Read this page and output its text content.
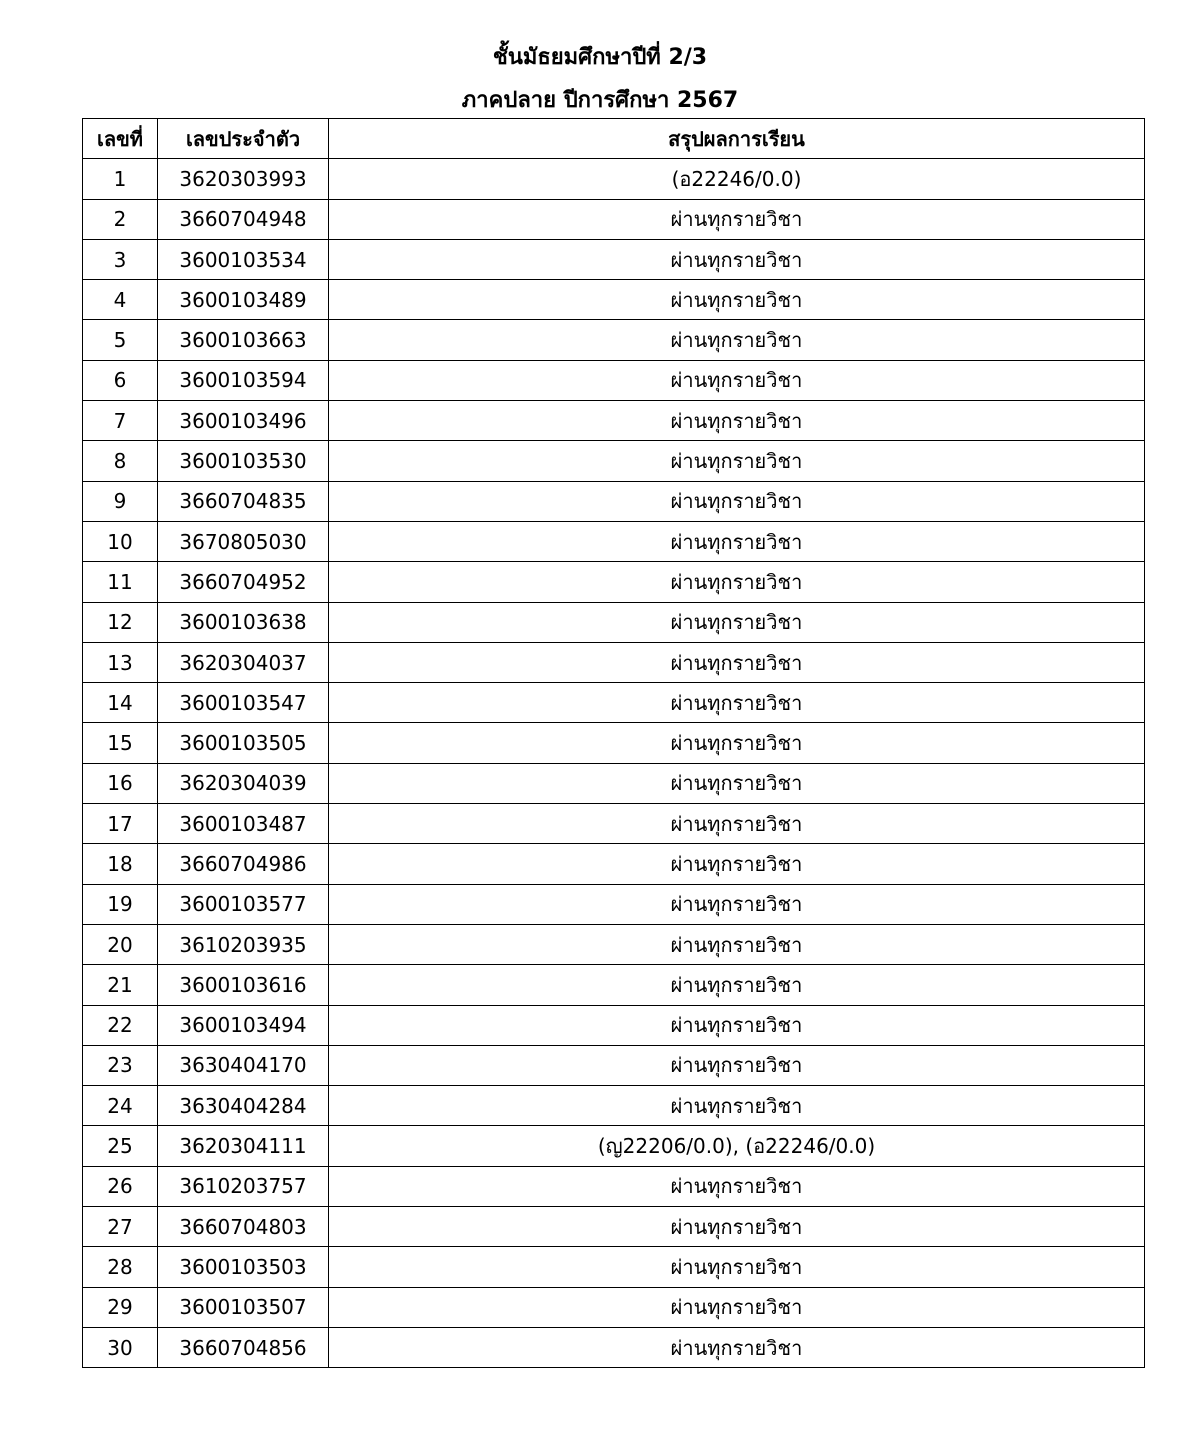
ชั้นมัธยมศึกษาปีที่ 2/3
ภาคปลาย ปีการศึกษา 2567
เลขที่	เลขประจำตัว	สรุปผลการเรียน
1	3620303993	(อ22246/0.0)
2	3660704948	ผ่านทุกรายวิชา
3	3600103534	ผ่านทุกรายวิชา
4	3600103489	ผ่านทุกรายวิชา
5	3600103663	ผ่านทุกรายวิชา
6	3600103594	ผ่านทุกรายวิชา
7	3600103496	ผ่านทุกรายวิชา
8	3600103530	ผ่านทุกรายวิชา
9	3660704835	ผ่านทุกรายวิชา
10	3670805030	ผ่านทุกรายวิชา
11	3660704952	ผ่านทุกรายวิชา
12	3600103638	ผ่านทุกรายวิชา
13	3620304037	ผ่านทุกรายวิชา
14	3600103547	ผ่านทุกรายวิชา
15	3600103505	ผ่านทุกรายวิชา
16	3620304039	ผ่านทุกรายวิชา
17	3600103487	ผ่านทุกรายวิชา
18	3660704986	ผ่านทุกรายวิชา
19	3600103577	ผ่านทุกรายวิชา
20	3610203935	ผ่านทุกรายวิชา
21	3600103616	ผ่านทุกรายวิชา
22	3600103494	ผ่านทุกรายวิชา
23	3630404170	ผ่านทุกรายวิชา
24	3630404284	ผ่านทุกรายวิชา
25	3620304111	(ญ22206/0.0), (อ22246/0.0)
26	3610203757	ผ่านทุกรายวิชา
27	3660704803	ผ่านทุกรายวิชา
28	3600103503	ผ่านทุกรายวิชา
29	3600103507	ผ่านทุกรายวิชา
30	3660704856	ผ่านทุกรายวิชา
